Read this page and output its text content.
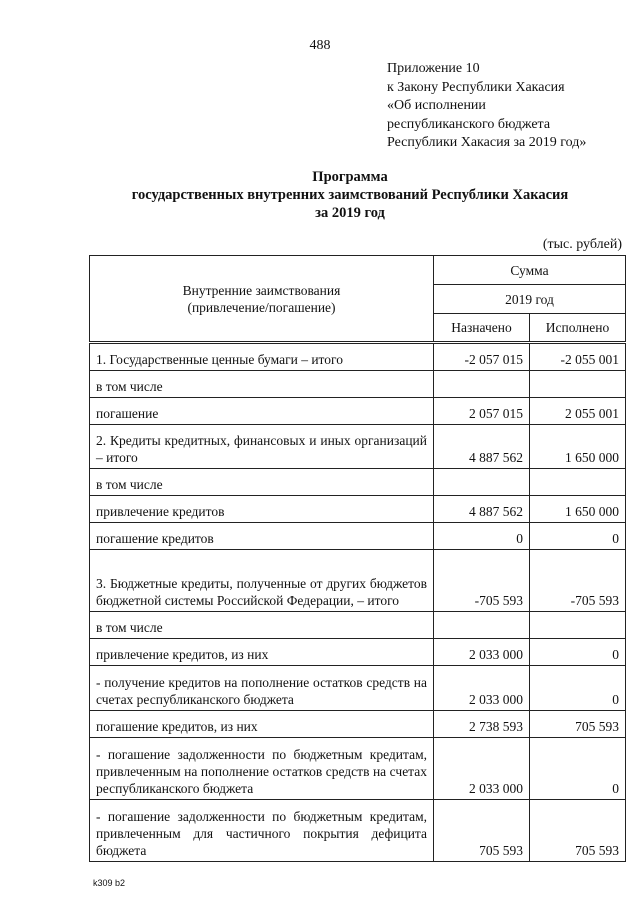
488
Приложение 10
к Закону Республики Хакасия
«Об исполнении
республиканского бюджета
Республики Хакасия за 2019 год»
Программа
государственных внутренних заимствований Республики Хакасия
за 2019 год
(тыс. рублей)
Внутренние заимствования
(привлечение/погашение)	Сумма	
	2019 год	
	Назначено	Исполнено
1. Государственные ценные бумаги – итого	-2 057 015	-2 055 001
в том числе		
погашение	2 057 015	2 055 001
2. Кредиты кредитных, финансовых и иных организаций – итого	4 887 562	1 650 000
в том числе		
привлечение кредитов	4 887 562	1 650 000
погашение кредитов	0	0
3. Бюджетные кредиты, полученные от других бюджетов бюджетной системы Российской Федерации, – итого	-705 593	-705 593
в том числе		
привлечение кредитов, из них	2 033 000	0
- получение кредитов на пополнение остатков средств на счетах республиканского бюджета	2 033 000	0
погашение кредитов, из них	2 738 593	705 593
- погашение задолженности по бюджетным кредитам, привлеченным на пополнение остатков средств на счетах республиканского бюджета	2 033 000	0
- погашение задолженности по бюджетным кредитам, привлеченным для частичного покрытия дефицита бюджета	705 593	705 593
k309 b2
